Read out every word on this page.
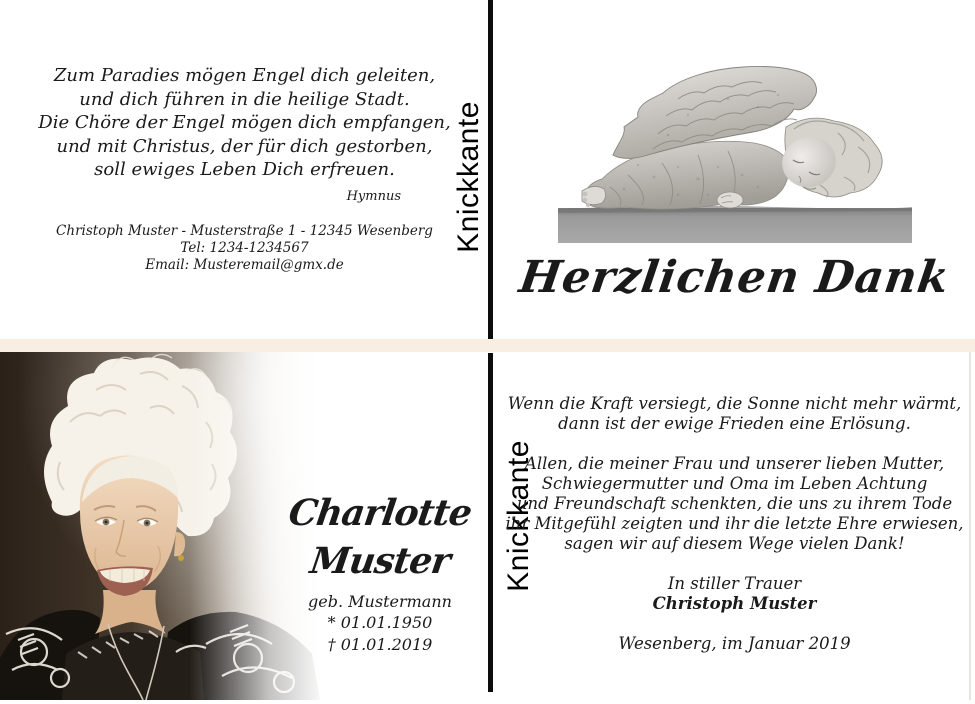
Zum Paradies mögen Engel dich geleiten,
und dich führen in die heilige Stadt.
Die Chöre der Engel mögen dich empfangen,
und mit Christus, der für dich gestorben,
soll ewiges Leben Dich erfreuen.
Hymnus
Christoph Muster - Musterstraße 1 - 12345 Wesenberg
Tel: 1234-1234567
Email: Musteremail@gmx.de
Knickkante
Knickkante
Herzlichen Dank
Charlotte
Muster
geb. Mustermann
* 01.01.1950
† 01.01.2019
Wenn die Kraft versiegt, die Sonne nicht mehr wärmt,
dann ist der ewige Frieden eine Erlösung.
Allen, die meiner Frau und unserer lieben Mutter,
Schwiegermutter und Oma im Leben Achtung
und Freundschaft schenkten, die uns zu ihrem Tode
ihr Mitgefühl zeigten und ihr die letzte Ehre erwiesen,
sagen wir auf diesem Wege vielen Dank!
In stiller Trauer
Christoph Muster
Wesenberg, im Januar 2019
